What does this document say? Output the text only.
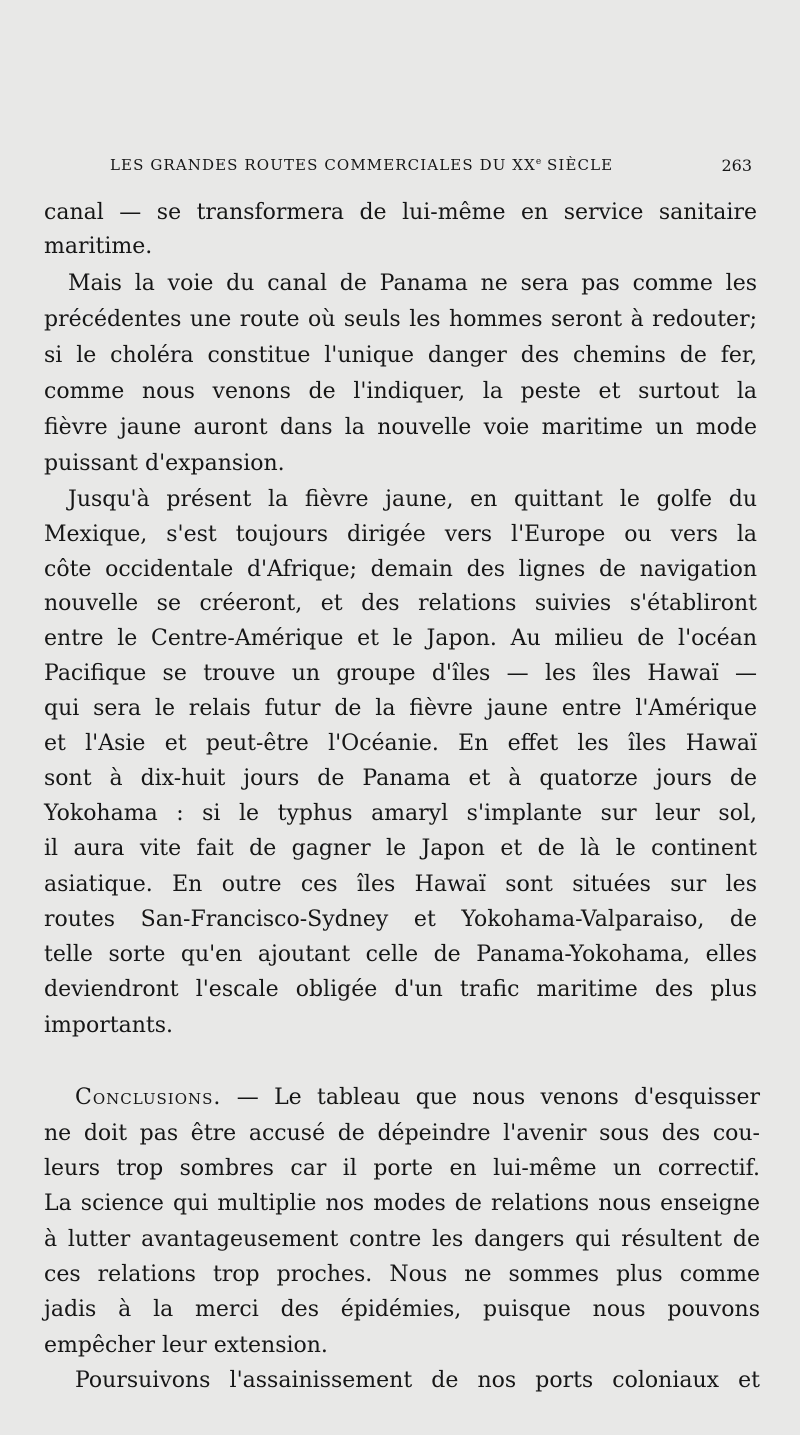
LES GRANDES ROUTES COMMERCIALES DU XXe SIÈCLE	263
canal — se transformera de lui-même en service sanitaire
maritime.
Mais la voie du canal de Panama ne sera pas comme les
précédentes une route où seuls les hommes seront à redouter;
si le choléra constitue l'unique danger des chemins de fer,
comme nous venons de l'indiquer, la peste et surtout la
fièvre jaune auront dans la nouvelle voie maritime un mode
puissant d'expansion.
Jusqu'à présent la fièvre jaune, en quittant le golfe du
Mexique, s'est toujours dirigée vers l'Europe ou vers la
côte occidentale d'Afrique; demain des lignes de navigation
nouvelle se créeront, et des relations suivies s'établiront
entre le Centre-Amérique et le Japon. Au milieu de l'océan
Pacifique se trouve un groupe d'îles — les îles Hawaï —
qui sera le relais futur de la fièvre jaune entre l'Amérique
et l'Asie et peut-être l'Océanie. En effet les îles Hawaï
sont à dix-huit jours de Panama et à quatorze jours de
Yokohama : si le typhus amaryl s'implante sur leur sol,
il aura vite fait de gagner le Japon et de là le continent
asiatique. En outre ces îles Hawaï sont situées sur les
routes San-Francisco-Sydney et Yokohama-Valparaiso, de
telle sorte qu'en ajoutant celle de Panama-Yokohama, elles
deviendront l'escale obligée d'un trafic maritime des plus
importants.
Conclusions. — Le tableau que nous venons d'esquisser
ne doit pas être accusé de dépeindre l'avenir sous des cou-
leurs trop sombres car il porte en lui-même un correctif.
La science qui multiplie nos modes de relations nous enseigne
à lutter avantageusement contre les dangers qui résultent de
ces relations trop proches. Nous ne sommes plus comme
jadis à la merci des épidémies, puisque nous pouvons
empêcher leur extension.
Poursuivons l'assainissement de nos ports coloniaux et
